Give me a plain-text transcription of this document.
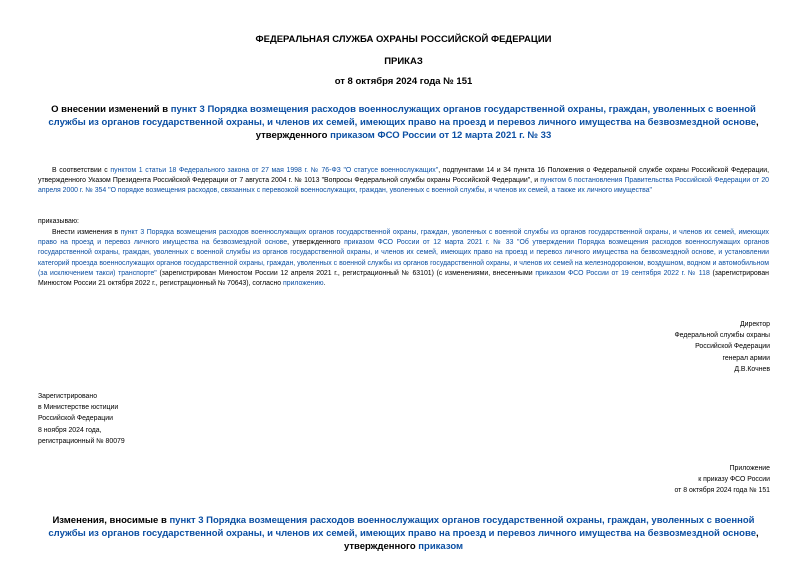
ФЕДЕРАЛЬНАЯ СЛУЖБА ОХРАНЫ РОССИЙСКОЙ ФЕДЕРАЦИИ
ПРИКАЗ
от 8 октября 2024 года № 151
О внесении изменений в пункт 3 Порядка возмещения расходов военнослужащих органов государственной охраны, граждан, уволенных с военной службы из органов государственной охраны, и членов их семей, имеющих право на проезд и перевоз личного имущества на безвозмездной основе, утвержденного приказом ФСО России от 12 марта 2021 г. № 33
В соответствии с пунктом 1 статьи 18 Федерального закона от 27 мая 1998 г. № 76-ФЗ "О статусе военнослужащих", подпунктами 14 и 34 пункта 16 Положения о Федеральной службе охраны Российской Федерации, утвержденного Указом Президента Российской Федерации от 7 августа 2004 г. № 1013 "Вопросы Федеральной службы охраны Российской Федерации", и пунктом 6 постановления Правительства Российской Федерации от 20 апреля 2000 г. № 354 "О порядке возмещения расходов, связанных с перевозкой военнослужащих, граждан, уволенных с военной службы, и членов их семей, а также их личного имущества"
приказываю:
Внести изменения в пункт 3 Порядка возмещения расходов военнослужащих органов государственной охраны, граждан, уволенных с военной службы из органов государственной охраны, и членов их семей, имеющих право на проезд и перевоз личного имущества на безвозмездной основе, утвержденного приказом ФСО России от 12 марта 2021 г. № 33 "Об утверждении Порядка возмещения расходов военнослужащих органов государственной охраны, граждан, уволенных с военной службы из органов государственной охраны, и членов их семей, имеющих право на проезд и перевоз личного имущества на безвозмездной основе, и установлении категорий проезда военнослужащих органов государственной охраны, граждан, уволенных с военной службы из органов государственной охраны, и членов их семей на железнодорожном, воздушном, водном и автомобильном (за исключением такси) транспорте" (зарегистрирован Минюстом России 12 апреля 2021 г., регистрационный № 63101) (с изменениями, внесенными приказом ФСО России от 19 сентября 2022 г. № 118 (зарегистрирован Минюстом России 21 октября 2022 г., регистрационный № 70643), согласно приложению.
Директор
Федеральной службы охраны
Российской Федерации
генерал армии
Д.В.Кочнев
Зарегистрировано
в Министерстве юстиции
Российской Федерации
8 ноября 2024 года,
регистрационный № 80079
Приложение
к приказу ФСО России
от 8 октября 2024 года № 151
Изменения, вносимые в пункт 3 Порядка возмещения расходов военнослужащих органов государственной охраны, граждан, уволенных с военной службы из органов государственной охраны, и членов их семей, имеющих право на проезд и перевоз личного имущества на безвозмездной основе, утвержденного приказом
